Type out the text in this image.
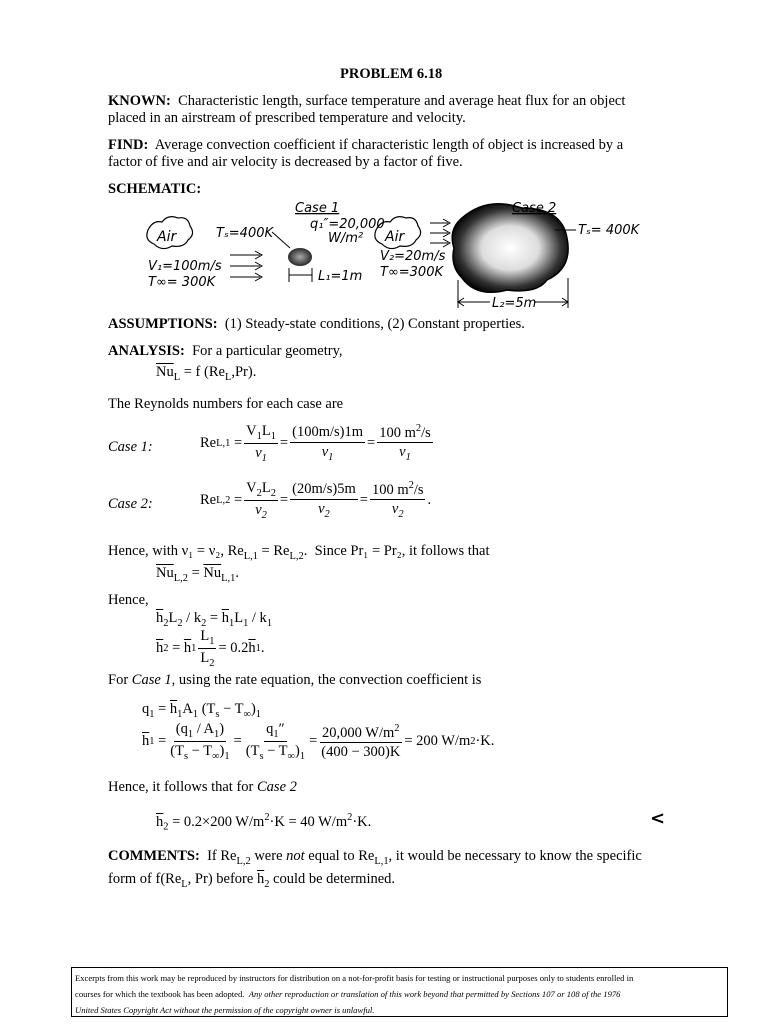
PROBLEM 6.18
KNOWN: Characteristic length, surface temperature and average heat flux for an object
placed in an airstream of prescribed temperature and velocity.
FIND: Average convection coefficient if characteristic length of object is increased by a
factor of five and air velocity is decreased by a factor of five.
SCHEMATIC:
Air	Tₛ=400K
V₁=100m/s
T∞= 300K
Case 1
q₁″=20,000
W/m²
L₁=1m
Air
V₂=20m/s
T∞=300K
Case 2
Tₛ= 400K
L₂=5m
ASSUMPTIONS: (1) Steady-state conditions, (2) Constant properties.
ANALYSIS: For a particular geometry,
$\overline{Nu}_L = f$ $(Re_L,Pr)$.
The Reynolds numbers for each case are
Case 1:	Re $L,1 = \frac{V_1L_1}{\nu_1} = \frac{(100m/s)1m}{\nu_1} = \frac{100 m^2/s}{\nu_1}$
Case 2:	Re $L,2 = \frac{V_2L_2}{\nu_2} = \frac{(20m/s)5m}{\nu_2} = \frac{100 m^2/s}{\nu_2}$ .
Hence, with ν₁ = ν₂, $Re_{L,1} = Re_{L,2}$.  Since Pr₁ = Pr₂, it follows that
$\overline{Nu}_{L,2} = \overline{Nu}_{L,1}$.
Hence,
$\overline{h}_2L_2 / k_2 = \overline{h}_1L_1 / k_1$
$\overline{h}$ $2 = \overline{h}$ $1 \frac{L_1}{L_2} = 0.2$ $\overline{h}$ 1 .
For Case 1, using the rate equation, the convection coefficient is
$q_1 = \overline{h}_1A_1$ $(T_s - T_\infty)_1$
$\overline{h}$ $1 = \frac{(q_1 / A_1)}{(T_s - T_\infty)_1} = \frac{q_1''}{(T_s - T_\infty)_1} = \frac{20,000 W/m^2}{(400 - 300)K} = 200$ W/m 2 ·K.
Hence, it follows that for Case 2
$\overline{h}_2 = 0.2\times 200$ $W/m^2\cdot K = 40$ $W/m^2\cdot K$.	<
COMMENTS: If $Re_{L,2}$ were not equal to $Re_{L,1}$, it would be necessary to know the specific
form of $f(Re_L$, Pr) before $\overline{h}_2$ could be determined.
Excerpts from this work may be reproduced by instructors for distribution on a not-for-profit basis for testing or instructional purposes only to students enrolled in
courses for which the textbook has been adopted. Any other reproduction or translation of this work beyond that permitted by Sections 107 or 108 of the 1976
United States Copyright Act without the permission of the copyright owner is unlawful.
